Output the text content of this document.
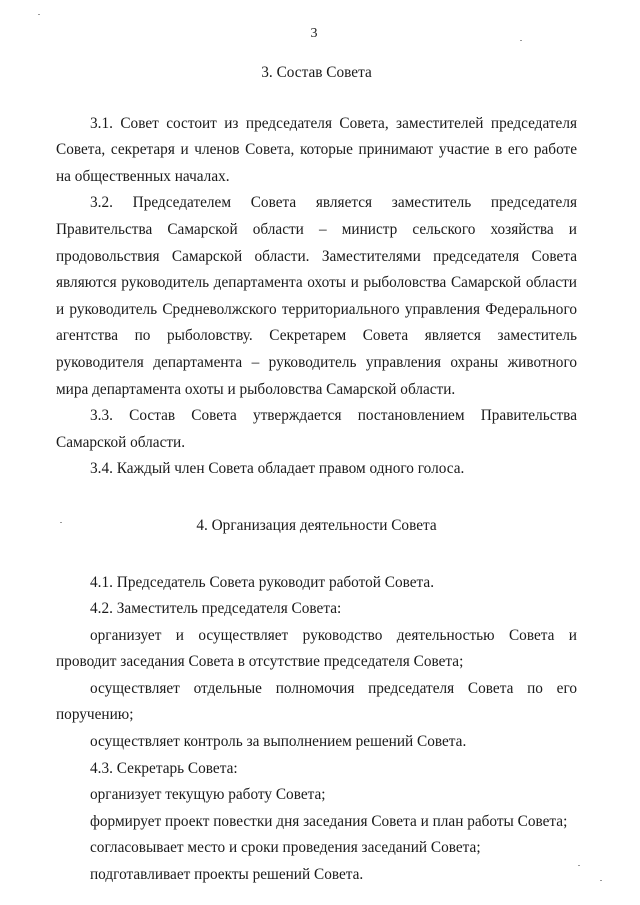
3
3. Состав Совета

3.1. Совет состоит из председателя Совета, заместителей председателя Совета, секретаря и членов Совета, которые принимают участие в его работе на общественных началах.

3.2. Председателем Совета является заместитель председателя Правительства Самарской области – министр сельского хозяйства и продовольствия Самарской области. Заместителями председателя Совета являются руководитель департамента охоты и рыболовства Самарской области и руководитель Средневолжского территориального управления Федерального агентства по рыболовству. Секретарем Совета является заместитель руководителя департамента – руководитель управления охраны животного мира департамента охоты и рыболовства Самарской области.

3.3. Состав Совета утверждается постановлением Правительства Самарской области.

3.4. Каждый член Совета обладает правом одного голоса.

4. Организация деятельности Совета

4.1. Председатель Совета руководит работой Совета.

4.2. Заместитель председателя Совета:

организует и осуществляет руководство деятельностью Совета и проводит заседания Совета в отсутствие председателя Совета;

осуществляет отдельные полномочия председателя Совета по его поручению;

осуществляет контроль за выполнением решений Совета.

4.3. Секретарь Совета:

организует текущую работу Совета;

формирует проект повестки дня заседания Совета и план работы Совета;

согласовывает место и сроки проведения заседаний Совета;

подготавливает проекты решений Совета.
